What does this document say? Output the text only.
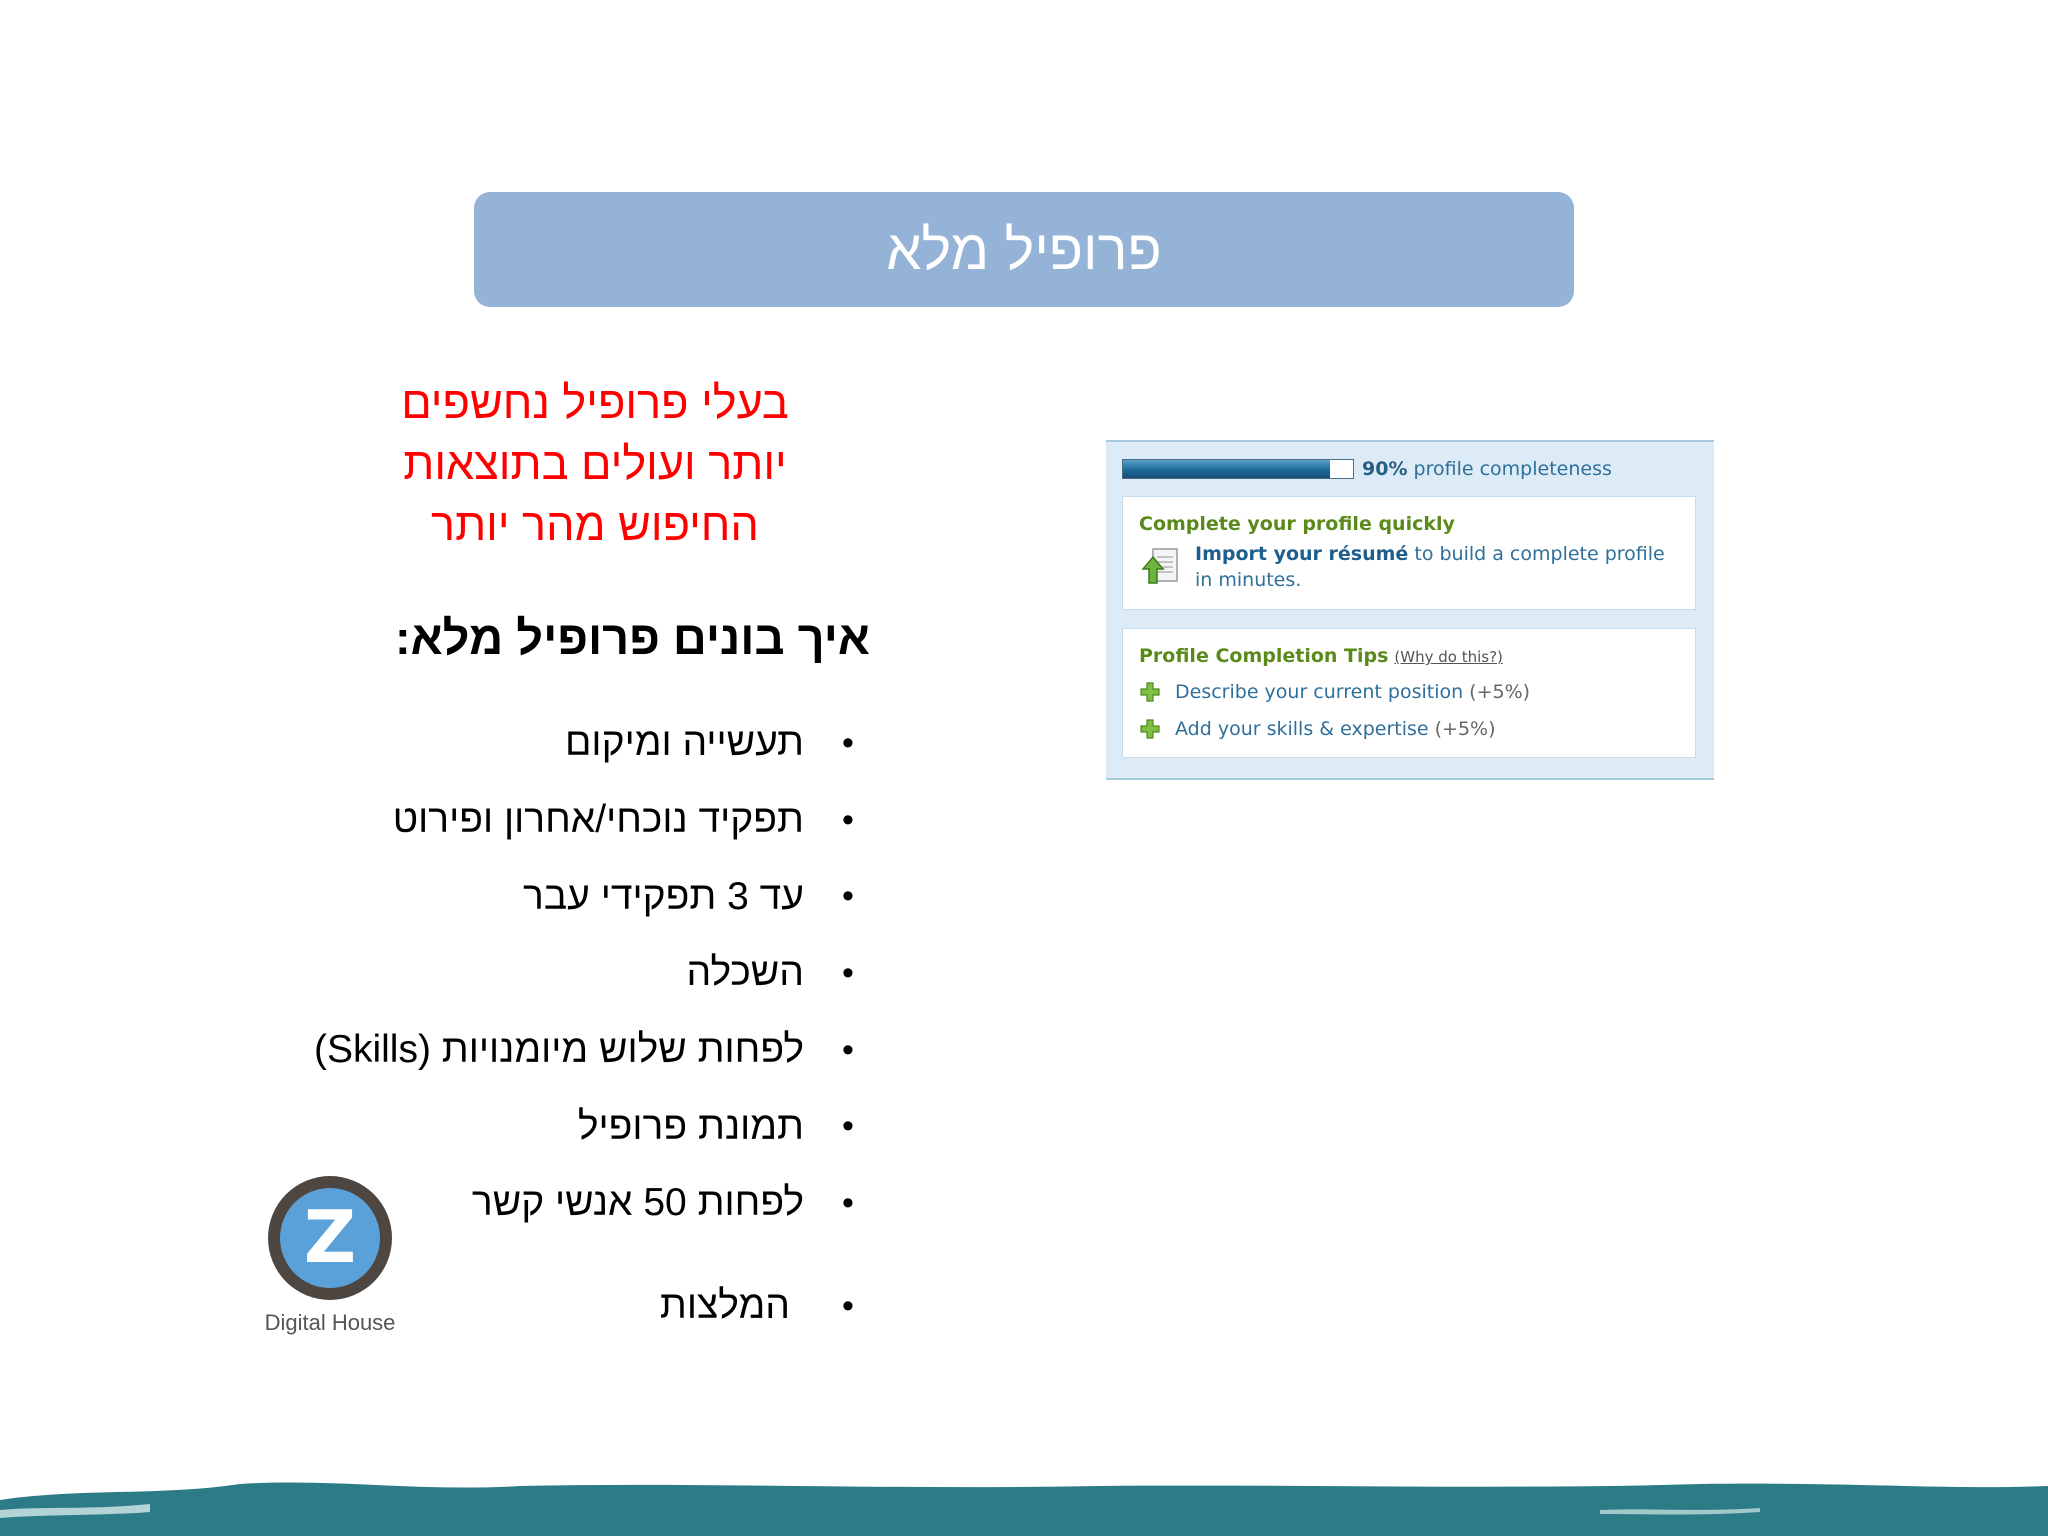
פרופיל מלא
בעלי פרופיל נחשפים
יותר ועולים בתוצאות
החיפוש מהר יותר
איך בונים פרופיל מלא:
•
תעשייה ומיקום
•
תפקיד נוכחי/אחרון ופירוט
•
עד 3 תפקידי עבר
•
השכלה
•
לפחות שלוש מיומנויות (Skills)
•
תמונת פרופיל
•
לפחות 50 אנשי קשר
•
המלצות
90% profile completeness
Complete your profile quickly
Import your résumé to build a complete profile in minutes.
Profile Completion Tips (Why do this?)
Describe your current position (+5%)
Add your skills & expertise (+5%)
Z
Digital House
